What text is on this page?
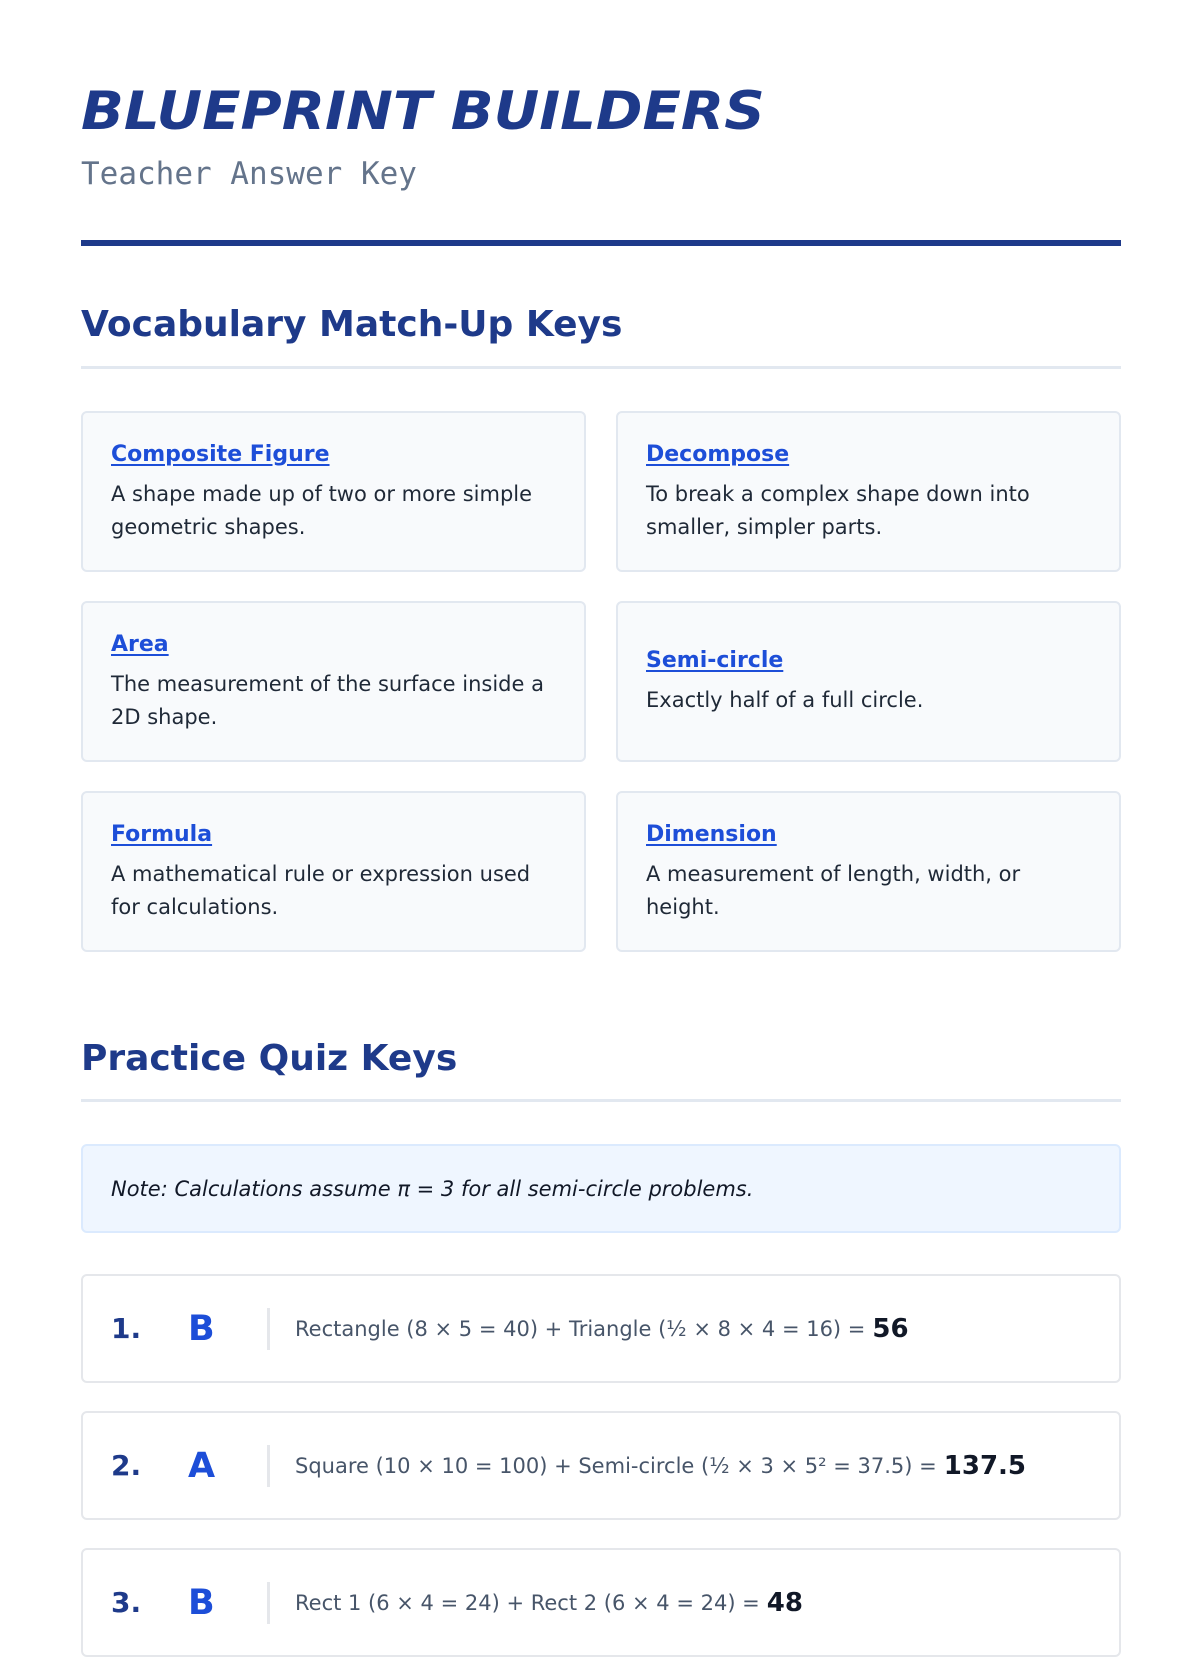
BLUEPRINT BUILDERS
Teacher Answer Key
Vocabulary Match-Up Keys
Composite Figure
A shape made up of two or more simple geometric shapes.
Decompose
To break a complex shape down into smaller, simpler parts.
Area
The measurement of the surface inside a 2D shape.
Semi-circle
Exactly half of a full circle.
Formula
A mathematical rule or expression used for calculations.
Dimension
A measurement of length, width, or height.
Practice Quiz Keys
Note: Calculations assume π = 3 for all semi-circle problems.
1.	B	Rectangle (8 × 5 = 40) + Triangle (½ × 8 × 4 = 16) = 56
2.	A	Square (10 × 10 = 100) + Semi-circle (½ × 3 × 5² = 37.5) = 137.5
3.	B	Rect 1 (6 × 4 = 24) + Rect 2 (6 × 4 = 24) = 48
